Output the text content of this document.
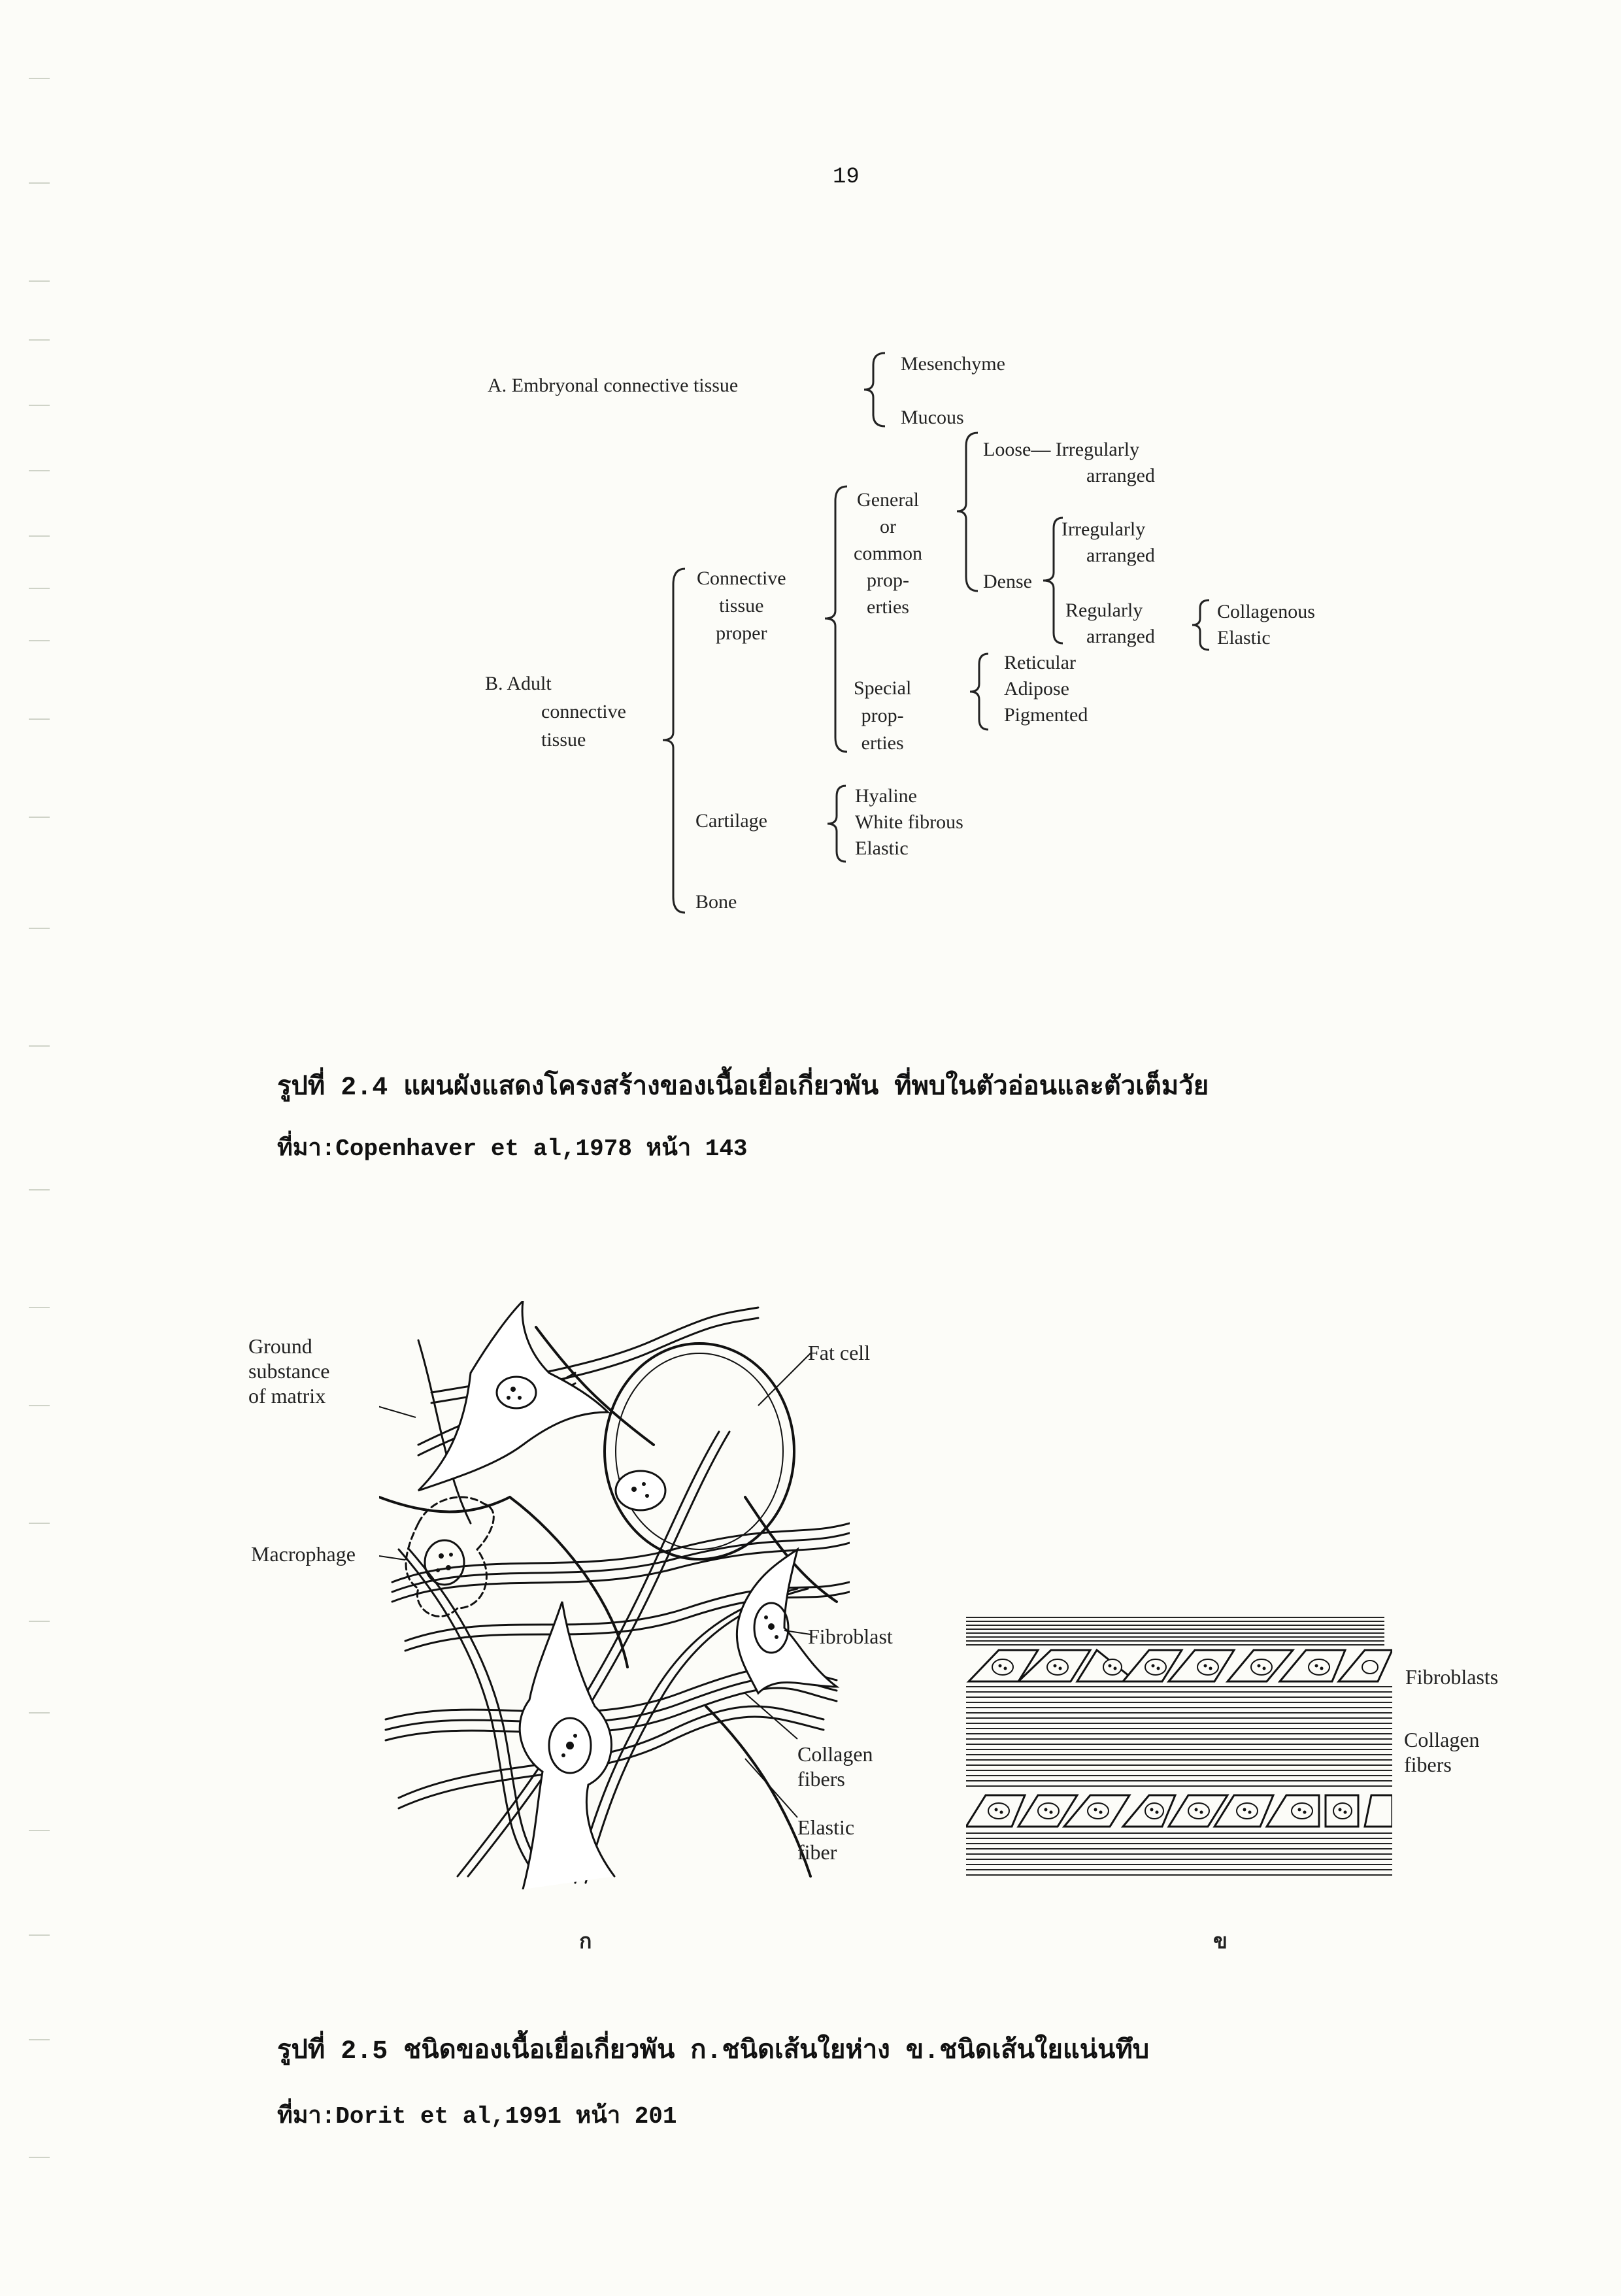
19
A. Embryonal connective tissue
Mesenchyme
Mucous
Loose— Irregularly
arranged
General
or
common
prop-
erties
Irregularly
arranged
Dense
Regularly
arranged
Collagenous
Elastic
Connective
tissue
proper
Special
prop-
erties
Reticular
Adipose
Pigmented
B. Adult
connective
tissue
Cartilage
Hyaline
White fibrous
Elastic
Bone
รูปที่ 2.4 แผนผังแสดงโครงสร้างของเนื้อเยื่อเกี่ยวพัน ที่พบในตัวอ่อนและตัวเต็มวัย
ที่มา:Copenhaver et al,1978 หน้า 143
Ground
substance
of matrix
Fat cell
Macrophage
Fibroblast
Collagen
fibers
Elastic
fiber
ก
Fibroblasts
Collagen
fibers
ข
รูปที่ 2.5 ชนิดของเนื้อเยื่อเกี่ยวพัน ก.ชนิดเส้นใยห่าง ข.ชนิดเส้นใยแน่นทึบ
ที่มา:Dorit et al,1991 หน้า 201
